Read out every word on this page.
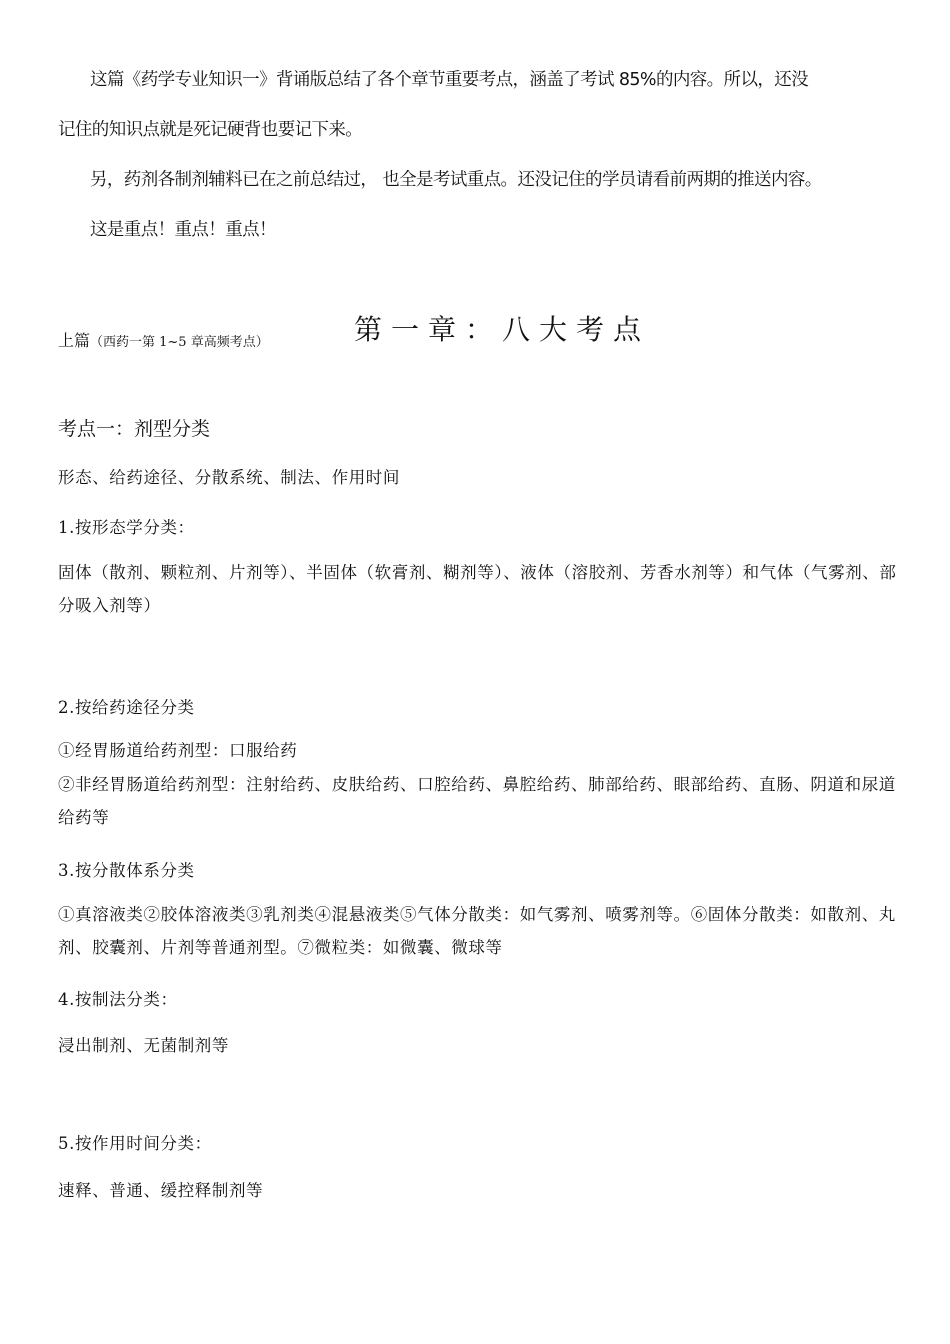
这篇《药学专业知识一》背诵版总结了各个章节重要考点，涵盖了考试 85%的内容。所以，还没
记住的知识点就是死记硬背也要记下来。
另，药剂各制剂辅料已在之前总结过， 也全是考试重点。还没记住的学员请看前两期的推送内容。
这是重点！重点！重点！
上篇（西药一第 1~5 章高频考点）	第一章：八大考点
考点一：剂型分类
形态、给药途径、分散系统、制法、作用时间
1.按形态学分类：
固体（散剂、颗粒剂、片剂等）、半固体（软膏剂、糊剂等）、液体（溶胶剂、芳香水剂等）和气体（气雾剂、部分吸入剂等）
2.按给药途径分类
①经胃肠道给药剂型：口服给药
②非经胃肠道给药剂型：注射给药、皮肤给药、口腔给药、鼻腔给药、肺部给药、眼部给药、直肠、阴道和尿道给药等
3.按分散体系分类
①真溶液类②胶体溶液类③乳剂类④混悬液类⑤气体分散类：如气雾剂、喷雾剂等。⑥固体分散类：如散剂、丸剂、胶囊剂、片剂等普通剂型。⑦微粒类：如微囊、微球等
4.按制法分类：
浸出制剂、无菌制剂等
5.按作用时间分类：
速释、普通、缓控释制剂等
